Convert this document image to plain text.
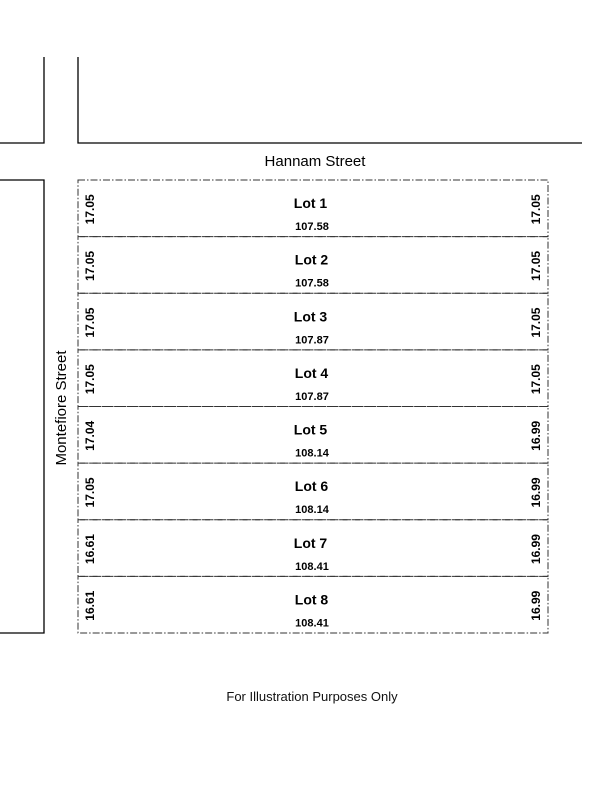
Hannam Street
Montefiore Street
Lot 1
107.58
17.05	17.05
Lot 2
107.58
17.05	17.05
Lot 3
107.87
17.05	17.05
Lot 4
107.87
17.05	17.05
Lot 5
108.14
17.04	16.99
Lot 6
108.14
17.05	16.99
Lot 7
108.41
16.61	16.99
Lot 8
108.41
16.61	16.99
For Illustration Purposes Only
